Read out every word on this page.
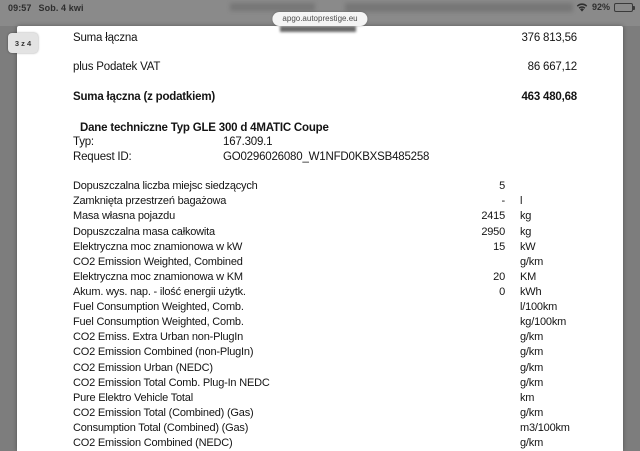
09:57 Sob. 4 kwi	92%
apgo.autoprestige.eu
3 z 4	Suma łączna	376 813,56
plus Podatek VAT	86 667,12
Suma łączna (z podatkiem)	463 480,68
Dane techniczne Typ GLE 300 d 4MATIC Coupe
Typ:	167.309.1
Request ID:	GO0296026080_W1NFD0KBXSB485258
Dopuszczalna liczba miejsc siedzących	5
Zamknięta przestrzeń bagażowa	- l
Masa własna pojazdu	2415 kg
Dopuszczalna masa całkowita	2950 kg
Elektryczna moc znamionowa w kW	15 kW
CO2 Emission Weighted, Combined	g/km
Elektryczna moc znamionowa w KM	20 KM
Akum. wys. nap. - ilość energii użytk.	0 kWh
Fuel Consumption Weighted, Comb.	l/100km
Fuel Consumption Weighted, Comb.	kg/100km
CO2 Emiss. Extra Urban non-PlugIn	g/km
CO2 Emission Combined (non-PlugIn)	g/km
CO2 Emission Urban (NEDC)	g/km
CO2 Emission Total Comb. Plug-In NEDC	g/km
Pure Elektro Vehicle Total	km
CO2 Emission Total (Combined) (Gas)	g/km
Consumption Total (Combined) (Gas)	m3/100km
CO2 Emission Combined (NEDC)	g/km
